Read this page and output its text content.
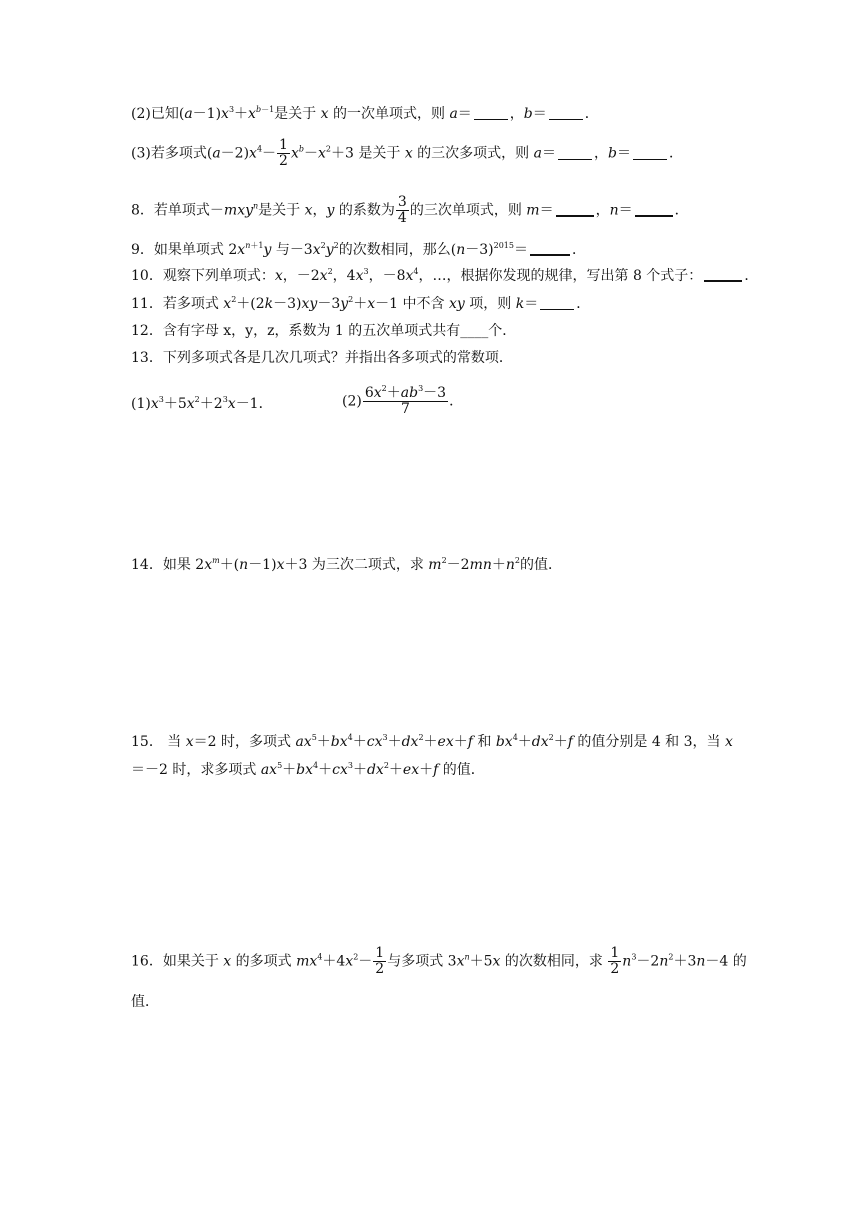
(2)已知$(a-1)x^3+x^{b-1}$是关于 x 的一次单项式，则 a＝	，b＝	．
(3)若多项式$(a-2)x^4- \frac{1}{2} x^b-x^2+3$ 是关于 x 的三次多项式，则 a＝	，b＝	．
8．若单项式－mxy$^n$是关于 x，y 的系数为 $\frac{3}{4}$ 的三次单项式，则 m＝	，n＝	．
9．如果单项式 $2x^{n+1}y$ 与$-3x^2y^2$的次数相同，那么$(n-3)^{2015}=$	．
10．观察下列单项式：x，$-2x^2$，$4x^3$，$-8x^4$，…，根据你发现的规律，写出第 8 个式子：	．
11．若多项式 $x^2+(2k-3)xy-3y^2+x-1$ 中不含 xy 项，则 k＝	．
12．含有字母 x，y，z，系数为 1 的五次单项式共有____个．
13．下列多项式各是几次几项式？并指出各多项式的常数项．
$(1)x^3+5x^2+2^3x-1$．	$(2) \frac{6x^2+ab^3-3}{7}$ ．
14．如果 $2x^m+(n-1)x+3$ 为三次二项式，求 $m^2-2mn+n^2$的值．
15． 当 x＝2 时，多项式 $ax^5+bx^4+cx^3+dx^2+ex+f$ 和 $bx^4+dx^2+f$ 的值分别是 4 和 3，当 x
＝－2 时，求多项式 $ax^5+bx^4+cx^3+dx^2+ex+f$ 的值．
16．如果关于 x 的多项式 $mx^4+4x^2- \frac{1}{2}$ 与多项式 $3x^n+5x$ 的次数相同，求 $\frac{1}{2} n^3-2n^2+3n-4$ 的
值．
